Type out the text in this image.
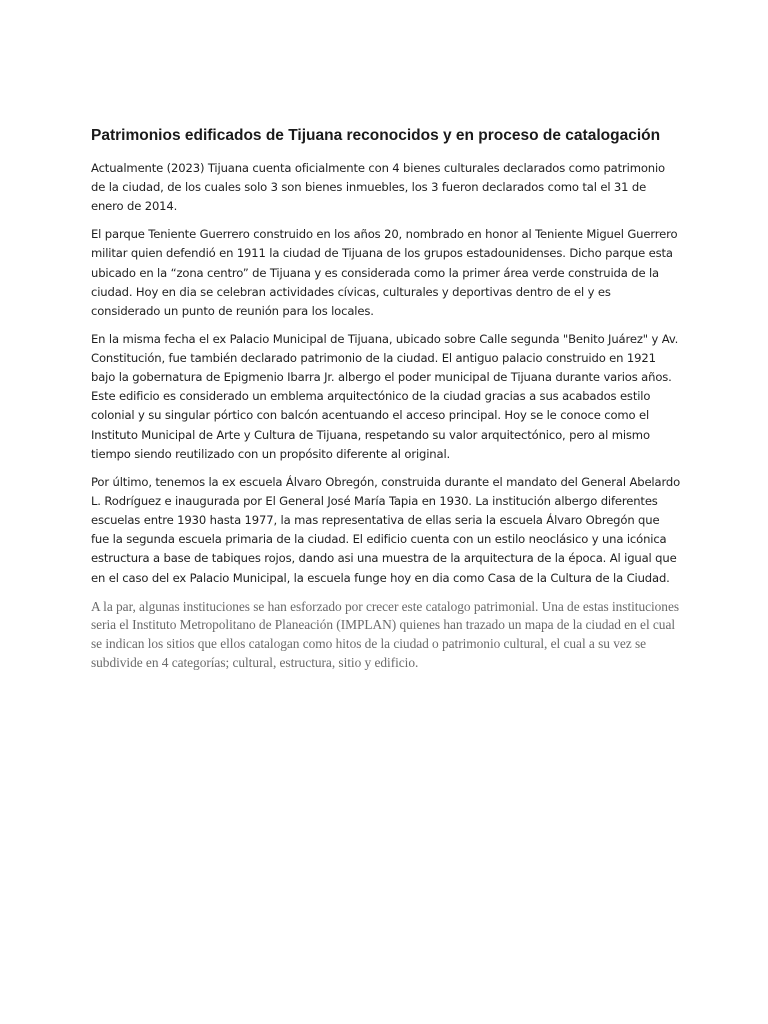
Patrimonios edificados de Tijuana reconocidos y en proceso de catalogación

Actualmente (2023) Tijuana cuenta oficialmente con 4 bienes culturales declarados como patrimonio de la ciudad, de los cuales solo 3 son bienes inmuebles, los 3 fueron declarados como tal el 31 de enero de 2014.

El parque Teniente Guerrero construido en los años 20, nombrado en honor al Teniente Miguel Guerrero militar quien defendió en 1911 la ciudad de Tijuana de los grupos estadounidenses. Dicho parque esta ubicado en la “zona centro” de Tijuana y es considerada como la primer área verde construida de la ciudad. Hoy en dia se celebran actividades cívicas, culturales y deportivas dentro de el y es considerado un punto de reunión para los locales.

En la misma fecha el ex Palacio Municipal de Tijuana, ubicado sobre Calle segunda "Benito Juárez" y Av. Constitución, fue también declarado patrimonio de la ciudad. El antiguo palacio construido en 1921 bajo la gobernatura de Epigmenio Ibarra Jr. albergo el poder municipal de Tijuana durante varios años. Este edificio es considerado un emblema arquitectónico de la ciudad gracias a sus acabados estilo colonial y su singular pórtico con balcón acentuando el acceso principal. Hoy se le conoce como el Instituto Municipal de Arte y Cultura de Tijuana, respetando su valor arquitectónico, pero al mismo tiempo siendo reutilizado con un propósito diferente al original.

Por último, tenemos la ex escuela Álvaro Obregón, construida durante el mandato del General Abelardo L. Rodríguez e inaugurada por El General José María Tapia en 1930. La institución albergo diferentes escuelas entre 1930 hasta 1977, la mas representativa de ellas seria la escuela Álvaro Obregón que fue la segunda escuela primaria de la ciudad. El edificio cuenta con un estilo neoclásico y una icónica estructura a base de tabiques rojos, dando asi una muestra de la arquitectura de la época. Al igual que en el caso del ex Palacio Municipal, la escuela funge hoy en dia como Casa de la Cultura de la Ciudad.

A la par, algunas instituciones se han esforzado por crecer este catalogo patrimonial. Una de estas instituciones seria el Instituto Metropolitano de Planeación (IMPLAN) quienes han trazado un mapa de la ciudad en el cual se indican los sitios que ellos catalogan como hitos de la ciudad o patrimonio cultural, el cual a su vez se subdivide en 4 categorías; cultural, estructura, sitio y edificio.
